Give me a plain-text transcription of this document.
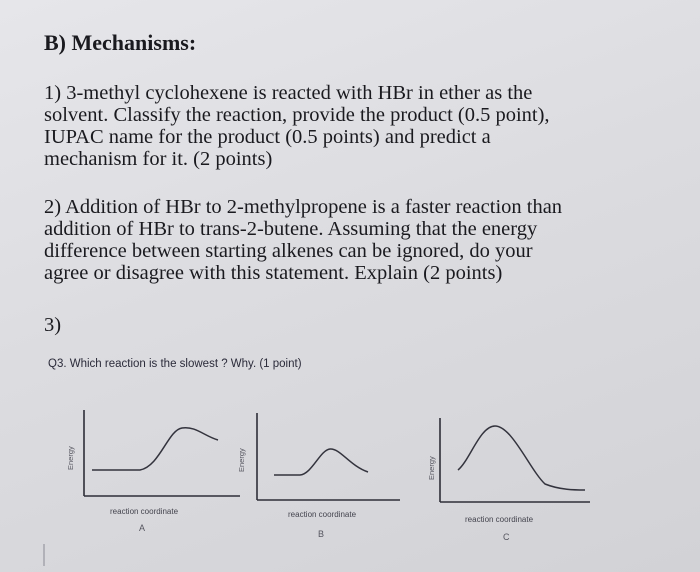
B) Mechanisms:
1) 3-methyl cyclohexene is reacted with HBr in ether as the
solvent. Classify the reaction, provide the product (0.5 point),
IUPAC name for the product (0.5 points) and predict a
mechanism for it. (2 points)
2) Addition of HBr to 2-methylpropene is a faster reaction than
addition of HBr to trans-2-butene. Assuming that the energy
difference between starting alkenes can be ignored, do your
agree or disagree with this statement. Explain (2 points)
3)
Q3. Which reaction is the slowest ? Why. (1 point)
Energy
reaction coordinate
A
Energy
reaction coordinate
B
Energy
reaction coordinate
C
